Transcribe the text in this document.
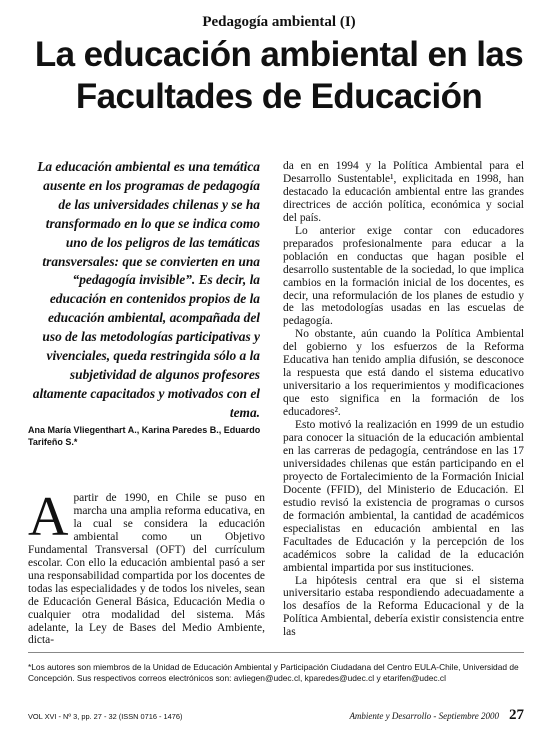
Pedagogía ambiental (I)
La educación ambiental en las Facultades de Educación
La educación ambiental es una temática ausente en los programas de pedagogía de las universidades chilenas y se ha transformado en lo que se indica como uno de los peligros de las temáticas transversales: que se convierten en una “pedagogía invisible”. Es decir, la educación en contenidos propios de la educación ambiental, acompañada del uso de las metodologías participativas y vivenciales, queda restringida sólo a la subjetividad de algunos profesores altamente capacitados y motivados con el tema.
Ana María Vliegenthart A., Karina Paredes B., Eduardo Tarifeño S.*

Apartir de 1990, en Chile se puso en marcha una amplia reforma educativa, en la cual se considera la educación ambiental como un Objetivo Fundamental Transversal (OFT) del currículum escolar. Con ello la educación ambiental pasó a ser una responsabilidad compartida por los docentes de todas las especialidades y de todos los niveles, sean de Educación General Básica, Educación Media o cualquier otra modalidad del sistema. Más adelante, la Ley de Bases del Medio Ambiente, dicta-

da en en 1994 y la Política Ambiental para el Desarrollo Sustentable¹, explicitada en 1998, han destacado la educación ambiental entre las grandes directrices de acción política, económica y social del país.

Lo anterior exige contar con educadores preparados profesionalmente para educar a la población en conductas que hagan posible el desarrollo sustentable de la sociedad, lo que implica cambios en la formación inicial de los docentes, es decir, una reformulación de los planes de estudio y de las metodologías usadas en las escuelas de pedagogía.

No obstante, aún cuando la Política Ambiental del gobierno y los esfuerzos de la Reforma Educativa han tenido amplia difusión, se desconoce la respuesta que está dando el sistema educativo universitario a los requerimientos y modificaciones que esto significa en la formación de los educadores².

Esto motivó la realización en 1999 de un estudio para conocer la situación de la educación ambiental en las carreras de pedagogía, centrándose en las 17 universidades chilenas que están participando en el proyecto de Fortalecimiento de la Formación Inicial Docente (FFID), del Ministerio de Educación. El estudio revisó la existencia de programas o cursos de formación ambiental, la cantidad de académicos especialistas en educación ambiental en las Facultades de Educación y la percepción de los académicos sobre la calidad de la educación ambiental impartida por sus instituciones.

La hipótesis central era que si el sistema universitario estaba respondiendo adecuadamente a los desafíos de la Reforma Educacional y de la Política Ambiental, debería existir consistencia entre las

*Los autores son miembros de la Unidad de Educación Ambiental y Participación Ciudadana del Centro EULA-Chile, Universidad de Concepción. Sus respectivos correos electrónicos son: avliegen@udec.cl, kparedes@udec.cl y etarifen@udec.cl
VOL XVI - Nº 3, pp. 27 - 32 (ISSN 0716 - 1476)	Ambiente y Desarrollo - Septiembre 2000 27
